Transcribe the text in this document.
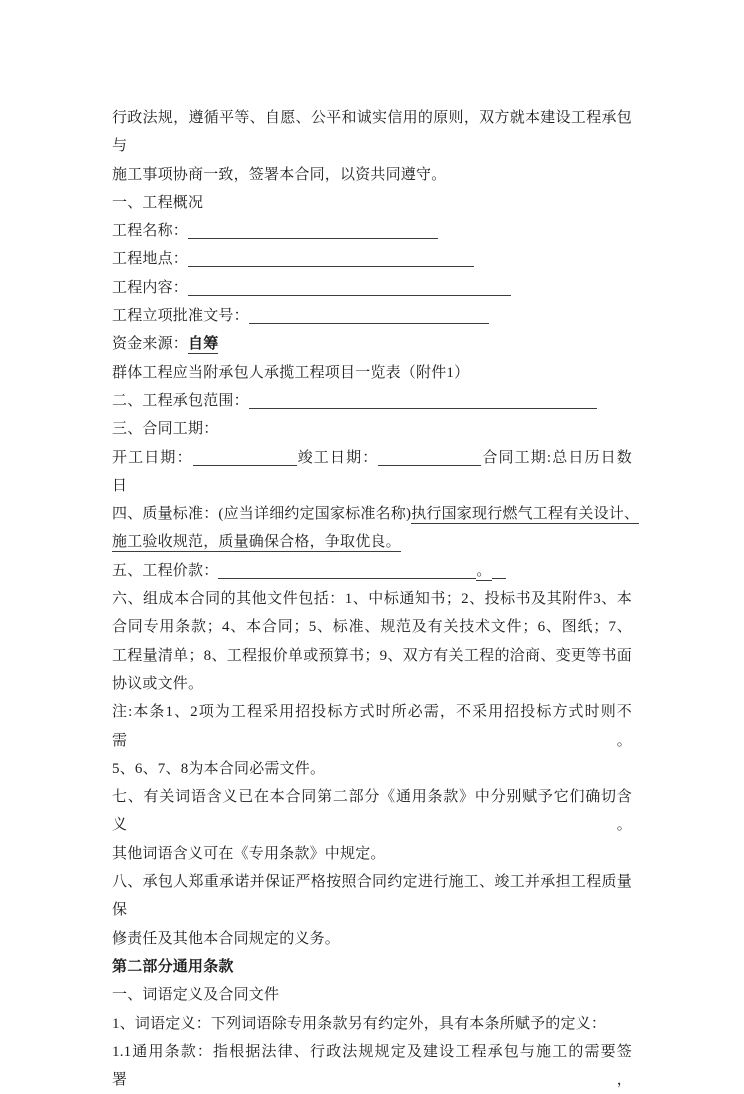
行政法规，遵循平等、自愿、公平和诚实信用的原则，双方就本建设工程承包与
施工事项协商一致，签署本合同，以资共同遵守。
一、工程概况
工程名称：
工程地点：
工程内容：
工程立项批准文号：
资金来源：自筹
群体工程应当附承包人承揽工程项目一览表（附件1）
二、工程承包范围：
三、合同工期：
开工日期：	竣工日期：	合同工期:总日历日数
日
四、质量标准：(应当详细约定国家标准名称)执行国家现行燃气工程有关设计、
施工验收规范，质量确保合格，争取优良。
五、工程价款：	。
六、组成本合同的其他文件包括：1、中标通知书；2、投标书及其附件3、本
合同专用条款；4、本合同；5、标准、规范及有关技术文件；6、图纸；7、
工程量清单；8、工程报价单或预算书；9、双方有关工程的洽商、变更等书面
协议或文件。
注:本条1、2项为工程采用招投标方式时所必需，不采用招投标方式时则不需。
5、6、7、8为本合同必需文件。
七、有关词语含义已在本合同第二部分《通用条款》中分别赋予它们确切含义。
其他词语含义可在《专用条款》中规定。
八、承包人郑重承诺并保证严格按照合同约定进行施工、竣工并承担工程质量保
修责任及其他本合同规定的义务。
第二部分通用条款
一、词语定义及合同文件
1、词语定义：下列词语除专用条款另有约定外，具有本条所赋予的定义：
1.1通用条款：指根据法律、行政法规规定及建设工程承包与施工的需要签署，
